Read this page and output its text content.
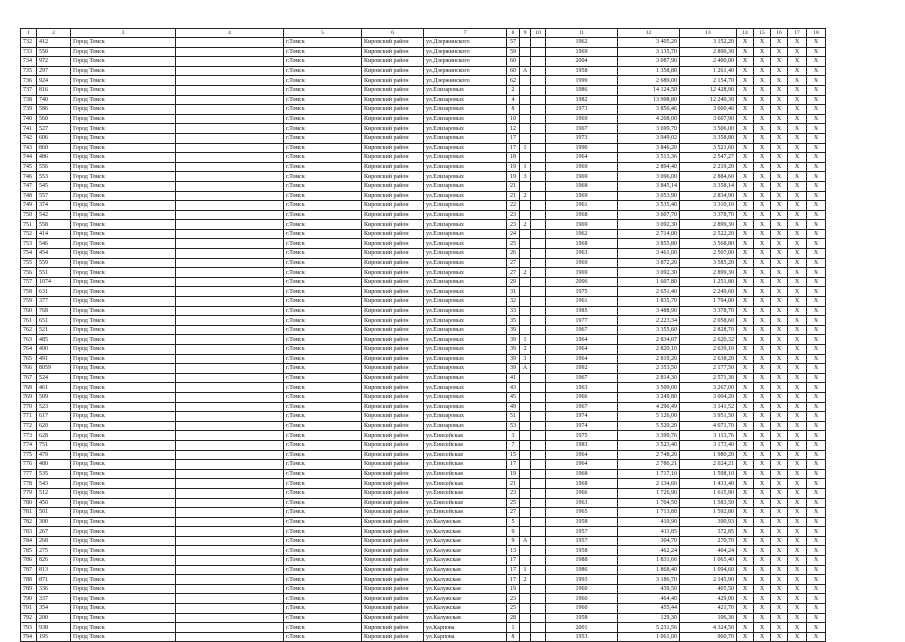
1	2	3	4	5	6	7	8	9	10	11	12	13	14	15	16	17	18
732	412	Город Томск		г.Томск	Кировский район	ул.Дзержинского	57			1962	3 405,20	3 152,20	X	X	X	X	X
733	550	Город Томск		г.Томск	Кировский район	ул.Дзержинского	59			1969	3 135,70	2 890,30	X	X	X	X	X
734	972	Город Томск		г.Томск	Кировский район	ул.Дзержинского	60			2004	3 087,90	2 400,00	X	X	X	X	X
735	297	Город Томск		г.Томск	Кировский район	ул.Дзержинского	60	А		1958	1 358,80	1 261,40	X	X	X	X	X
736	924	Город Томск		г.Томск	Кировский район	ул.Дзержинского	62			1999	2 689,00	2 154,70	X	X	X	X	X
737	816	Город Томск		г.Томск	Кировский район	ул.Елизаровых	2			1986	14 124,50	12 428,90	X	X	X	X	X
738	740	Город Томск		г.Томск	Кировский район	ул.Елизаровых	4			1982	13 998,80	12 240,30	X	X	X	X	X
739	586	Город Томск		г.Томск	Кировский район	ул.Елизаровых	8			1973	3 856,46	3 600,46	X	X	X	X	X
740	560	Город Томск		г.Томск	Кировский район	ул.Елизаровых	10			1969	4 208,00	3 607,90	X	X	X	X	X
741	527	Город Томск		г.Томск	Кировский район	ул.Елизаровых	12			1967	3 699,70	3 506,00	X	X	X	X	X
742	606	Город Томск		г.Томск	Кировский район	ул.Елизаровых	17			1973	3 949,02	3 358,80	X	X	X	X	X
743	860	Город Томск		г.Томск	Кировский район	ул.Елизаровых	17	1		1990	3 846,20	3 521,60	X	X	X	X	X
744	486	Город Томск		г.Томск	Кировский район	ул.Елизаровых	18			1964	3 513,36	2 547,27	X	X	X	X	X
745	556	Город Томск		г.Томск	Кировский район	ул.Елизаровых	19	1		1969	2 894,40	2 219,20	X	X	X	X	X
746	553	Город Томск		г.Томск	Кировский район	ул.Елизаровых	19	3		1969	3 096,00	2 884,60	X	X	X	X	X
747	545	Город Томск		г.Томск	Кировский район	ул.Елизаровых	21			1968	3 845,14	3 358,14	X	X	X	X	X
748	557	Город Томск		г.Томск	Кировский район	ул.Елизаровых	21	2		1969	3 053,90	2 834,90	X	X	X	X	X
749	374	Город Томск		г.Томск	Кировский район	ул.Елизаровых	22			1961	3 535,40	3 310,10	X	X	X	X	X
750	542	Город Томск		г.Томск	Кировский район	ул.Елизаровых	23			1968	3 607,70	3 378,70	X	X	X	X	X
751	558	Город Томск		г.Томск	Кировский район	ул.Елизаровых	23	2		1969	3 092,30	2 899,30	X	X	X	X	X
752	414	Город Томск		г.Томск	Кировский район	ул.Елизаровых	24			1962	2 714,00	2 522,20	X	X	X	X	X
753	546	Город Томск		г.Томск	Кировский район	ул.Елизаровых	25			1968	3 855,80	3 568,80	X	X	X	X	X
754	454	Город Томск		г.Томск	Кировский район	ул.Елизаровых	26			1963	3 461,00	2 507,00	X	X	X	X	X
755	559	Город Томск		г.Томск	Кировский район	ул.Елизаровых	27			1969	3 872,20	3 585,20	X	X	X	X	X
756	551	Город Томск		г.Томск	Кировский район	ул.Елизаровых	27	2		1969	3 092,30	2 899,30	X	X	X	X	X
757	1074	Город Томск		г.Томск	Кировский район	ул.Елизаровых	29			2006	1 607,80	1 251,80	X	X	X	X	X
758	631	Город Томск		г.Томск	Кировский район	ул.Елизаровых	31			1975	2 651,40	2 249,60	X	X	X	X	X
759	377	Город Томск		г.Томск	Кировский район	ул.Елизаровых	32			1961	1 835,70	1 794,00	X	X	X	X	X
760	768	Город Томск		г.Томск	Кировский район	ул.Елизаровых	33			1985	3 488,90	3 378,70	X	X	X	X	X
761	651	Город Томск		г.Томск	Кировский район	ул.Елизаровых	35			1977	2 223,34	2 058,60	X	X	X	X	X
762	521	Город Томск		г.Томск	Кировский район	ул.Елизаровых	39			1967	3 355,60	2 828,70	X	X	X	X	X
763	485	Город Томск		г.Томск	Кировский район	ул.Елизаровых	39	1		1964	2 834,07	2 620,32	X	X	X	X	X
764	490	Город Томск		г.Томск	Кировский район	ул.Елизаровых	39	2		1964	2 820,10	2 639,10	X	X	X	X	X
765	491	Город Томск		г.Томск	Кировский район	ул.Елизаровых	39	3		1964	2 819,20	2 638,20	X	X	X	X	X
766	8059	Город Томск		г.Томск	Кировский район	ул.Елизаровых	39	А		1992	2 353,50	2 177,50	X	X	X	X	X
767	524	Город Томск		г.Томск	Кировский район	ул.Елизаровых	41			1967	2 814,30	2 571,30	X	X	X	X	X
768	461	Город Томск		г.Томск	Кировский район	ул.Елизаровых	43			1963	3 509,00	3 267,00	X	X	X	X	X
769	509	Город Томск		г.Томск	Кировский район	ул.Елизаровых	45			1966	3 249,80	3 004,20	X	X	X	X	X
770	523	Город Томск		г.Томск	Кировский район	ул.Елизаровых	49			1967	4 296,49	3 141,52	X	X	X	X	X
771	617	Город Томск		г.Томск	Кировский район	ул.Елизаровых	51			1974	5 126,00	3 951,50	X	X	X	X	X
772	620	Город Томск		г.Томск	Кировский район	ул.Елизаровых	53			1974	5 520,20	4 071,70	X	X	X	X	X
773	628	Город Томск		г.Томск	Кировский район	ул.Енисейская	3			1975	3 399,76	3 113,76	X	X	X	X	X
774	751	Город Томск		г.Томск	Кировский район	ул.Енисейская	7			1983	3 523,40	3 173,40	X	X	X	X	X
775	479	Город Томск		г.Томск	Кировский район	ул.Енисейская	15			1964	2 748,20	1 980,20	X	X	X	X	X
776	480	Город Томск		г.Томск	Кировский район	ул.Енисейская	17			1964	2 786,21	2 024,21	X	X	X	X	X
777	535	Город Томск		г.Томск	Кировский район	ул.Енисейская	19			1968	1 717,10	1 598,10	X	X	X	X	X
778	543	Город Томск		г.Томск	Кировский район	ул.Енисейская	21			1968	2 134,60	1 433,40	X	X	X	X	X
779	512	Город Томск		г.Томск	Кировский район	ул.Енисейская	23			1966	1 726,90	1 615,90	X	X	X	X	X
780	450	Город Томск		г.Томск	Кировский район	ул.Енисейская	25			1963	1 704,50	1 583,50	X	X	X	X	X
781	501	Город Томск		г.Томск	Кировский район	ул.Енисейская	27			1965	1 713,80	1 592,80	X	X	X	X	X
782	300	Город Томск		г.Томск	Кировский район	ул.Калужская	5			1958	419,90	390,93	X	X	X	X	X
783	267	Город Томск		г.Томск	Кировский район	ул.Калужская	9			1957	411,85	372,85	X	X	X	X	X
784	268	Город Томск		г.Томск	Кировский район	ул.Калужская	9	А		1957	304,70	270,70	X	X	X	X	X
785	275	Город Томск		г.Томск	Кировский район	ул.Калужская	13			1958	462,24	404,24	X	X	X	X	X
786	826	Город Томск		г.Томск	Кировский район	ул.Калужская	17			1988	1 831,66	1 065,40	X	X	X	X	X
787	813	Город Томск		г.Томск	Кировский район	ул.Калужская	17	1		1986	1 868,40	1 094,60	X	X	X	X	X
788	871	Город Томск		г.Томск	Кировский район	ул.Калужская	17	2		1993	3 186,70	2 145,90	X	X	X	X	X
789	336	Город Томск		г.Томск	Кировский район	ул.Калужская	19			1960	439,50	405,50	X	X	X	X	X
790	337	Город Томск		г.Томск	Кировский район	ул.Калужская	23			1960	464,40	429,00	X	X	X	X	X
791	354	Город Томск		г.Томск	Кировский район	ул.Калужская	25			1960	455,44	421,70	X	X	X	X	X
792	200	Город Томск		г.Томск	Кировский район	ул.Калужская	28			1958	129,30	106,30	X	X	X	X	X
793	938	Город Томск		г.Томск	Кировский район	ул.Карпова	1			2001	5 231,56	4 324,50	X	X	X	X	X
794	195	Город Томск		г.Томск	Кировский район	ул.Карпова	8			1953	1 061,00	960,70	X	X	X	X	X
